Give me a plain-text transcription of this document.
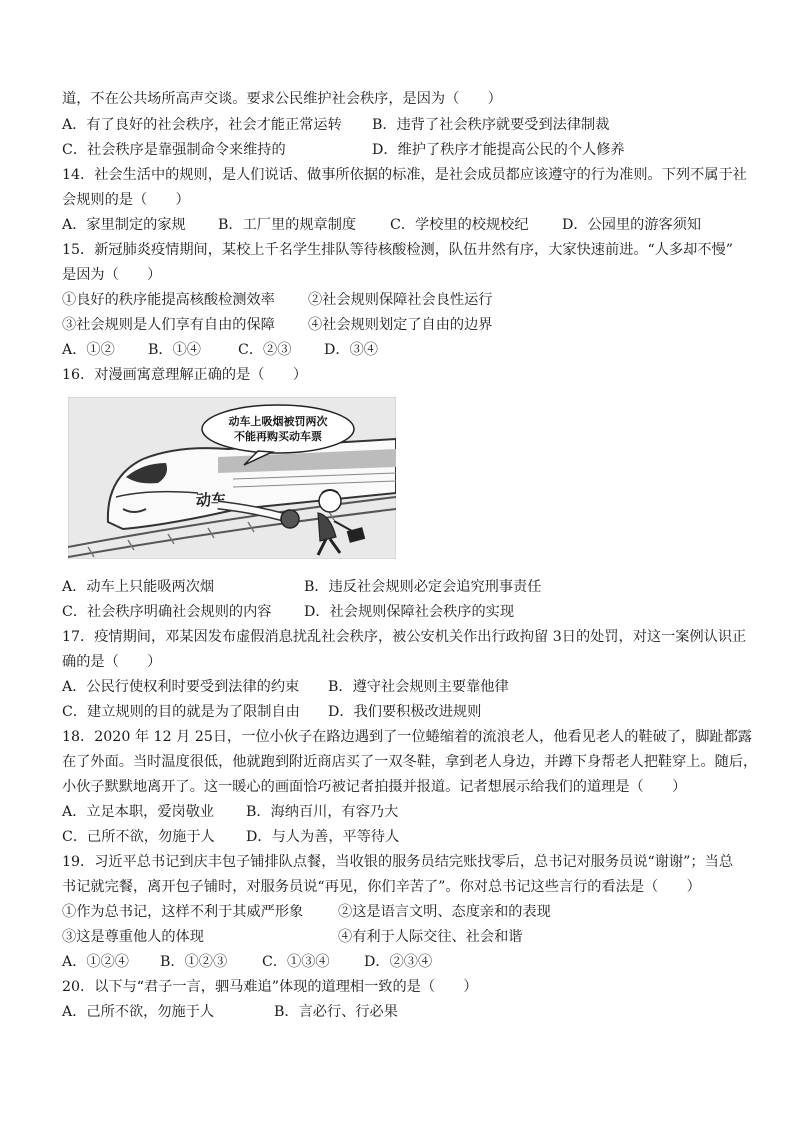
道，不在公共场所高声交谈。要求公民维护社会秩序，是因为（　　）
A．有了良好的社会秩序，社会才能正常运转 B．违背了社会秩序就要受到法律制裁
C．社会秩序是靠强制命令来维持的	D．维护了秩序才能提高公民的个人修养
14．社会生活中的规则，是人们说话、做事所依据的标准，是社会成员都应该遵守的行为准则。下列不属于社
会规则的是（　　）
A．家里制定的家规 B．工厂里的规章制度 C．学校里的校规校纪 D．公园里的游客须知
15．新冠肺炎疫情期间，某校上千名学生排队等待核酸检测，队伍井然有序，大家快速前进。“人多却不慢”
是因为（　　）
①良好的秩序能提高核酸检测效率 ②社会规则保障社会良性运行
③社会规则是人们享有自由的保障 ④社会规则划定了自由的边界
A．①② B．①④	C．②③ D．③④
16．对漫画寓意理解正确的是（　　）
动车
动车上吸烟被罚两次
不能再购买动车票
A．动车上只能吸两次烟	B．违反社会规则必定会追究刑事责任
C．社会秩序明确社会规则的内容 D．社会规则保障社会秩序的实现
17．疫情期间，邓某因发布虚假消息扰乱社会秩序，被公安机关作出行政拘留 3日的处罚，对这一案例认识正
确的是（　　）
A．公民行使权利时要受到法律的约束 B．遵守社会规则主要靠他律
C．建立规则的目的就是为了限制自由 D．我们要积极改进规则
18．2020 年 12 月 25日，一位小伙子在路边遇到了一位蜷缩着的流浪老人，他看见老人的鞋破了，脚趾都露
在了外面。当时温度很低，他就跑到附近商店买了一双冬鞋，拿到老人身边，并蹲下身帮老人把鞋穿上。随后，
小伙子默默地离开了。这一暖心的画面恰巧被记者拍摄并报道。记者想展示给我们的道理是（　　）
A．立足本职，爱岗敬业 B．海纳百川，有容乃大
C．己所不欲，勿施于人 D．与人为善，平等待人
19．习近平总书记到庆丰包子铺排队点餐，当收银的服务员结完账找零后，总书记对服务员说“谢谢”；当总
书记就完餐，离开包子铺时，对服务员说“再见，你们辛苦了”。你对总书记这些言行的看法是（　　）
①作为总书记，这样不利于其威严形象 ②这是语言文明、态度亲和的表现
③这是尊重他人的体现	④有利于人际交往、社会和谐
A．①②④ B．①②③ C．①③④ D．②③④
20．以下与“君子一言，驷马难追”体现的道理相一致的是（　　）
A．己所不欲，勿施于人	B．言必行、行必果
